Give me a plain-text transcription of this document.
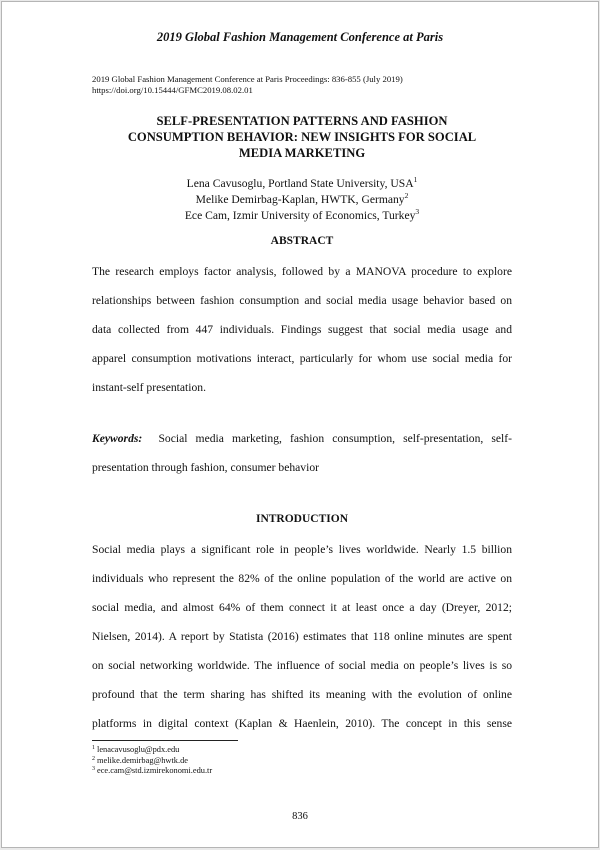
2019 Global Fashion Management Conference at Paris
2019 Global Fashion Management Conference at Paris Proceedings: 836-855 (July 2019)
https://doi.org/10.15444/GFMC2019.08.02.01
SELF-PRESENTATION PATTERNS AND FASHION
CONSUMPTION BEHAVIOR: NEW INSIGHTS FOR SOCIAL
MEDIA MARKETING
Lena Cavusoglu, Portland State University, USA$^1$
Melike Demirbag-Kaplan, HWTK, Germany$^2$
Ece Cam, Izmir University of Economics, Turkey$^3$
ABSTRACT
The research employs factor analysis, followed by a MANOVA procedure to explore
relationships between fashion consumption and social media usage behavior based on
data collected from 447 individuals. Findings suggest that social media usage and
apparel consumption motivations interact, particularly for whom use social media for
instant-self presentation.
Keywords: Social media marketing, fashion consumption, self-presentation, self-
presentation through fashion, consumer behavior
INTRODUCTION
Social media plays a significant role in people’s lives worldwide. Nearly 1.5 billion
individuals who represent the 82% of the online population of the world are active on
social media, and almost 64% of them connect it at least once a day (Dreyer, 2012;
Nielsen, 2014). A report by Statista (2016) estimates that 118 online minutes are spent
on social networking worldwide. The influence of social media on people’s lives is so
profound that the term sharing has shifted its meaning with the evolution of online
platforms in digital context (Kaplan & Haenlein, 2010). The concept in this sense
$^1$ lenacavusoglu@pdx.edu
$^2$ melike.demirbag@hwtk.de
$^3$ ece.cam@std.izmirekonomi.edu.tr
836
